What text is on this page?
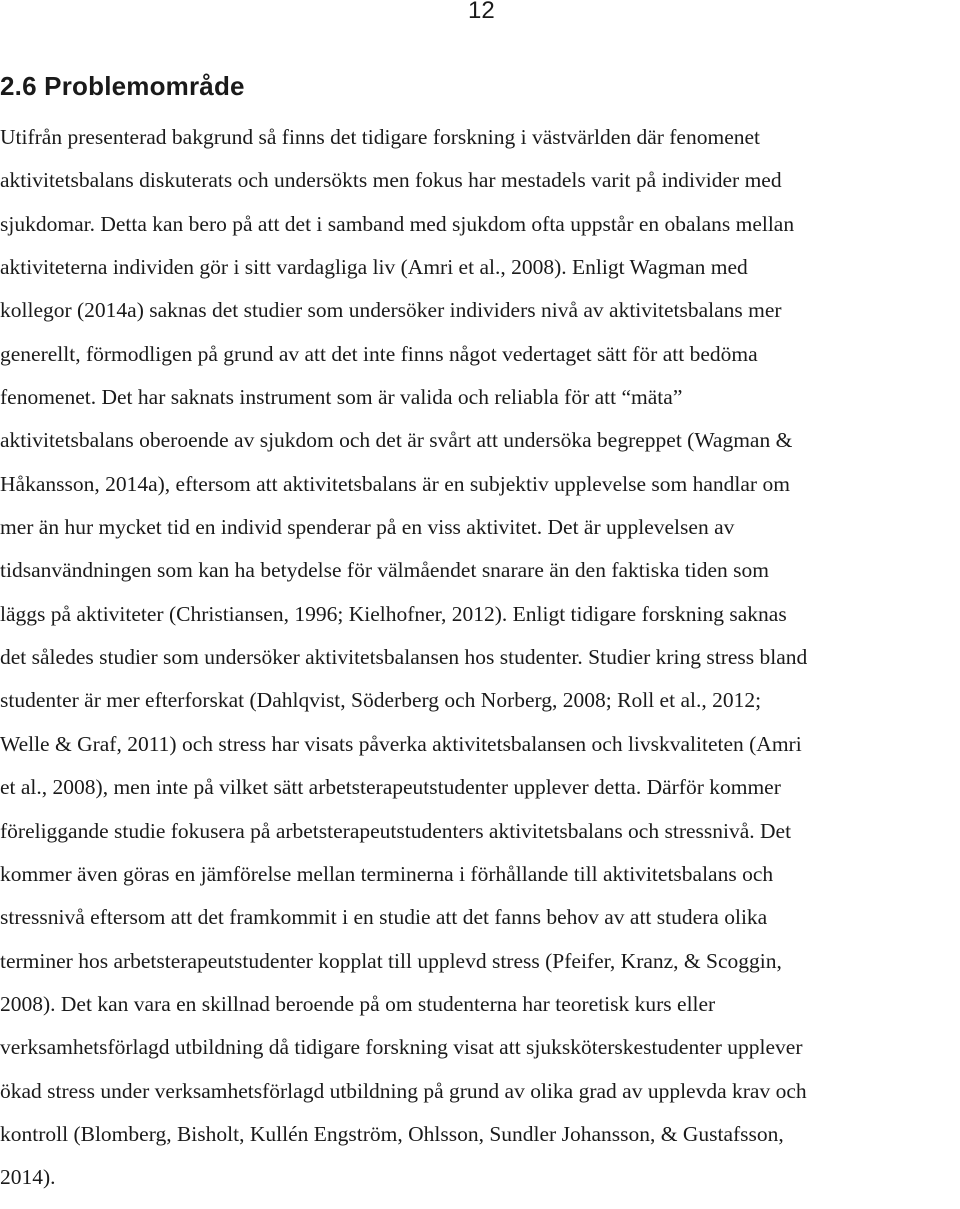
12

2.6 Problemområde
Utifrån presenterad bakgrund så finns det tidigare forskning i västvärlden där fenomenet
aktivitetsbalans diskuterats och undersökts men fokus har mestadels varit på individer med
sjukdomar. Detta kan bero på att det i samband med sjukdom ofta uppstår en obalans mellan
aktiviteterna individen gör i sitt vardagliga liv (Amri et al., 2008). Enligt Wagman med
kollegor (2014a) saknas det studier som undersöker individers nivå av aktivitetsbalans mer
generellt, förmodligen på grund av att det inte finns något vedertaget sätt för att bedöma
fenomenet. Det har saknats instrument som är valida och reliabla för att “mäta”
aktivitetsbalans oberoende av sjukdom och det är svårt att undersöka begreppet (Wagman &
Håkansson, 2014a), eftersom att aktivitetsbalans är en subjektiv upplevelse som handlar om
mer än hur mycket tid en individ spenderar på en viss aktivitet. Det är upplevelsen av
tidsanvändningen som kan ha betydelse för välmåendet snarare än den faktiska tiden som
läggs på aktiviteter (Christiansen, 1996; Kielhofner, 2012). Enligt tidigare forskning saknas
det således studier som undersöker aktivitetsbalansen hos studenter. Studier kring stress bland
studenter är mer efterforskat (Dahlqvist, Söderberg och Norberg, 2008; Roll et al., 2012;
Welle & Graf, 2011) och stress har visats påverka aktivitetsbalansen och livskvaliteten (Amri
et al., 2008), men inte på vilket sätt arbetsterapeutstudenter upplever detta. Därför kommer
föreliggande studie fokusera på arbetsterapeutstudenters aktivitetsbalans och stressnivå. Det
kommer även göras en jämförelse mellan terminerna i förhållande till aktivitetsbalans och
stressnivå eftersom att det framkommit i en studie att det fanns behov av att studera olika
terminer hos arbetsterapeutstudenter kopplat till upplevd stress (Pfeifer, Kranz, & Scoggin,
2008). Det kan vara en skillnad beroende på om studenterna har teoretisk kurs eller
verksamhetsförlagd utbildning då tidigare forskning visat att sjuksköterskestudenter upplever
ökad stress under verksamhetsförlagd utbildning på grund av olika grad av upplevda krav och
kontroll (Blomberg, Bisholt, Kullén Engström, Ohlsson, Sundler Johansson, & Gustafsson,
2014).
